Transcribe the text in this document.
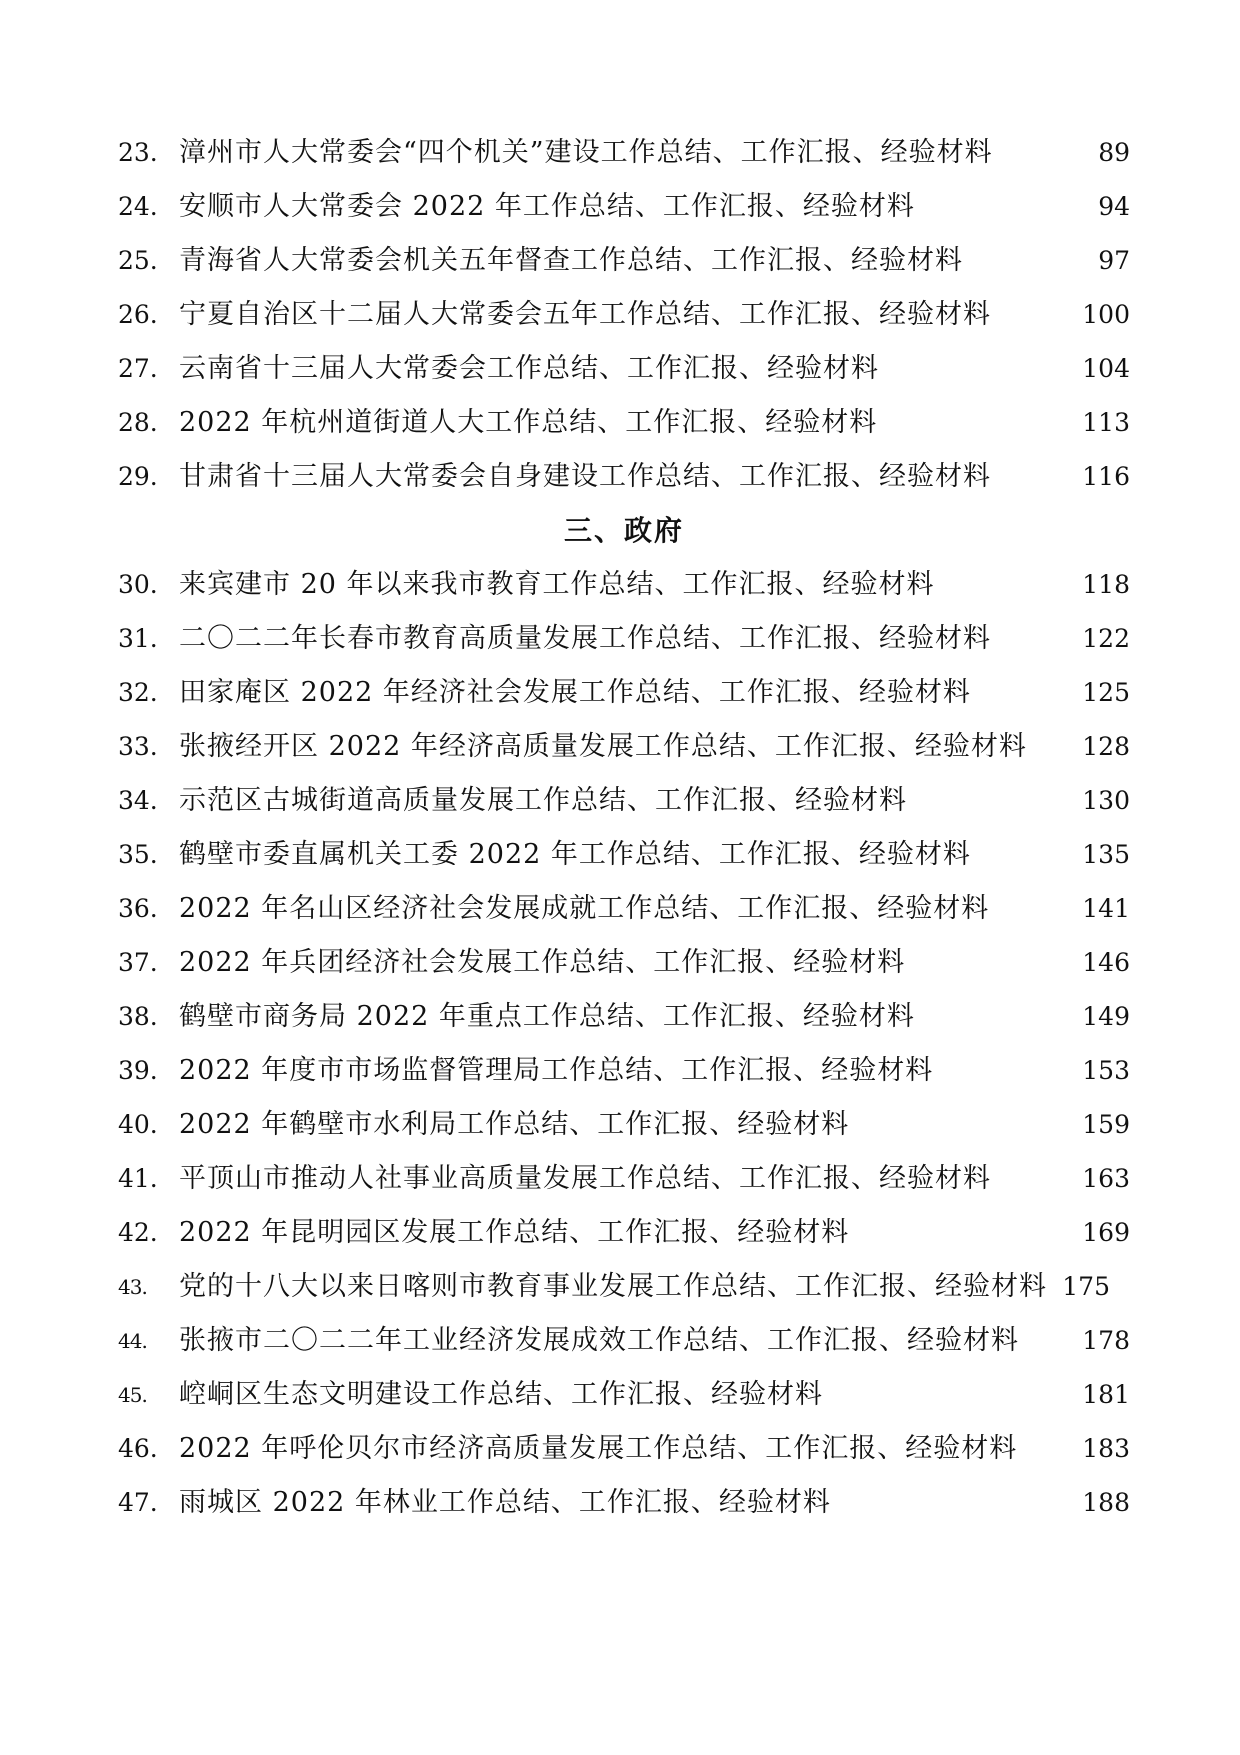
23. 漳州市人大常委会“四个机关”建设工作总结、工作汇报、经验材料	89
24. 安顺市人大常委会 2022 年工作总结、工作汇报、经验材料	94
25. 青海省人大常委会机关五年督查工作总结、工作汇报、经验材料	97
26. 宁夏自治区十二届人大常委会五年工作总结、工作汇报、经验材料	100
27. 云南省十三届人大常委会工作总结、工作汇报、经验材料	104
28. 2022 年杭州道街道人大工作总结、工作汇报、经验材料	113
29. 甘肃省十三届人大常委会自身建设工作总结、工作汇报、经验材料	116
三、政府
30. 来宾建市 20 年以来我市教育工作总结、工作汇报、经验材料	118
31. 二〇二二年长春市教育高质量发展工作总结、工作汇报、经验材料	122
32. 田家庵区 2022 年经济社会发展工作总结、工作汇报、经验材料	125
33. 张掖经开区 2022 年经济高质量发展工作总结、工作汇报、经验材料 128
34. 示范区古城街道高质量发展工作总结、工作汇报、经验材料	130
35. 鹤壁市委直属机关工委 2022 年工作总结、工作汇报、经验材料	135
36. 2022 年名山区经济社会发展成就工作总结、工作汇报、经验材料	141
37. 2022 年兵团经济社会发展工作总结、工作汇报、经验材料	146
38. 鹤壁市商务局 2022 年重点工作总结、工作汇报、经验材料	149
39. 2022 年度市市场监督管理局工作总结、工作汇报、经验材料	153
40. 2022 年鹤壁市水利局工作总结、工作汇报、经验材料	159
41. 平顶山市推动人社事业高质量发展工作总结、工作汇报、经验材料	163
42. 2022 年昆明园区发展工作总结、工作汇报、经验材料	169
43. 党的十八大以来日喀则市教育事业发展工作总结、工作汇报、经验材料 175
44. 张掖市二〇二二年工业经济发展成效工作总结、工作汇报、经验材料	178
45. 崆峒区生态文明建设工作总结、工作汇报、经验材料	181
46. 2022 年呼伦贝尔市经济高质量发展工作总结、工作汇报、经验材料	183
47. 雨城区 2022 年林业工作总结、工作汇报、经验材料	188
